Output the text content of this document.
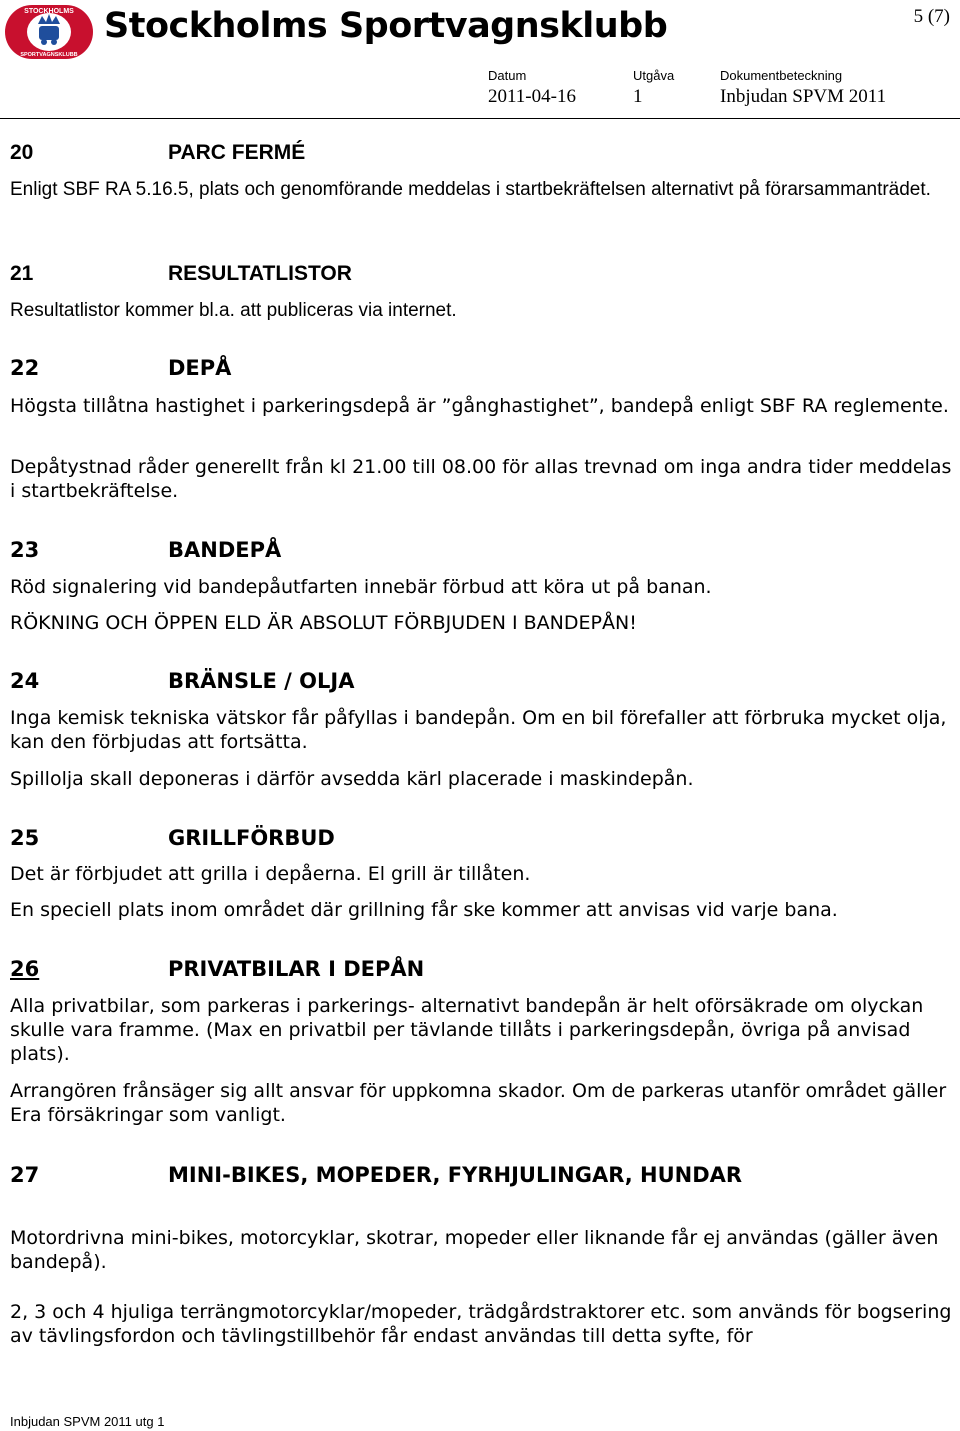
STOCKHOLMS
SPORTVAGNSKLUBB
Stockholms Sportvagnsklubb	5 (7)
Datum	Utgåva	Dokumentbeteckning
2011-04-16	1	Inbjudan SPVM 2011
20	PARC FERMÉ
Enligt SBF RA 5.16.5, plats och genomförande meddelas i startbekräftelsen alternativt på förarsammanträdet.
21	RESULTATLISTOR
Resultatlistor kommer bl.a. att publiceras via internet.
22	DEPÅ
Högsta tillåtna hastighet i parkeringsdepå är ”gånghastighet”, bandepå enligt SBF RA reglemente.
Depåtystnad råder generellt från kl 21.00 till 08.00 för allas trevnad om inga andra tider meddelas i startbekräftelse.
23	BANDEPÅ
Röd signalering vid bandepåutfarten innebär förbud att köra ut på banan.
RÖKNING OCH ÖPPEN ELD ÄR ABSOLUT FÖRBJUDEN I BANDEPÅN!
24	BRÄNSLE / OLJA
Inga kemisk tekniska vätskor får påfyllas i bandepån. Om en bil förefaller att förbruka mycket olja, kan den förbjudas att fortsätta.
Spillolja skall deponeras i därför avsedda kärl placerade i maskindepån.
25	GRILLFÖRBUD
Det är förbjudet att grilla i depåerna. El grill är tillåten.
En speciell plats inom området där grillning får ske kommer att anvisas vid varje bana.
26	PRIVATBILAR I DEPÅN
Alla privatbilar, som parkeras i parkerings- alternativt bandepån är helt oförsäkrade om olyckan skulle vara framme. (Max en privatbil per tävlande tillåts i parkeringsdepån, övriga på anvisad plats).
Arrangören frånsäger sig allt ansvar för uppkomna skador. Om de parkeras utanför området gäller Era försäkringar som vanligt.
27	MINI-BIKES, MOPEDER, FYRHJULINGAR, HUNDAR
Motordrivna mini-bikes, motorcyklar, skotrar, mopeder eller liknande får ej användas (gäller även bandepå).
2, 3 och 4 hjuliga terrängmotorcyklar/mopeder, trädgårdstraktorer etc. som används för bogsering av tävlingsfordon och tävlingstillbehör får endast användas till detta syfte, för
Inbjudan SPVM 2011 utg 1
